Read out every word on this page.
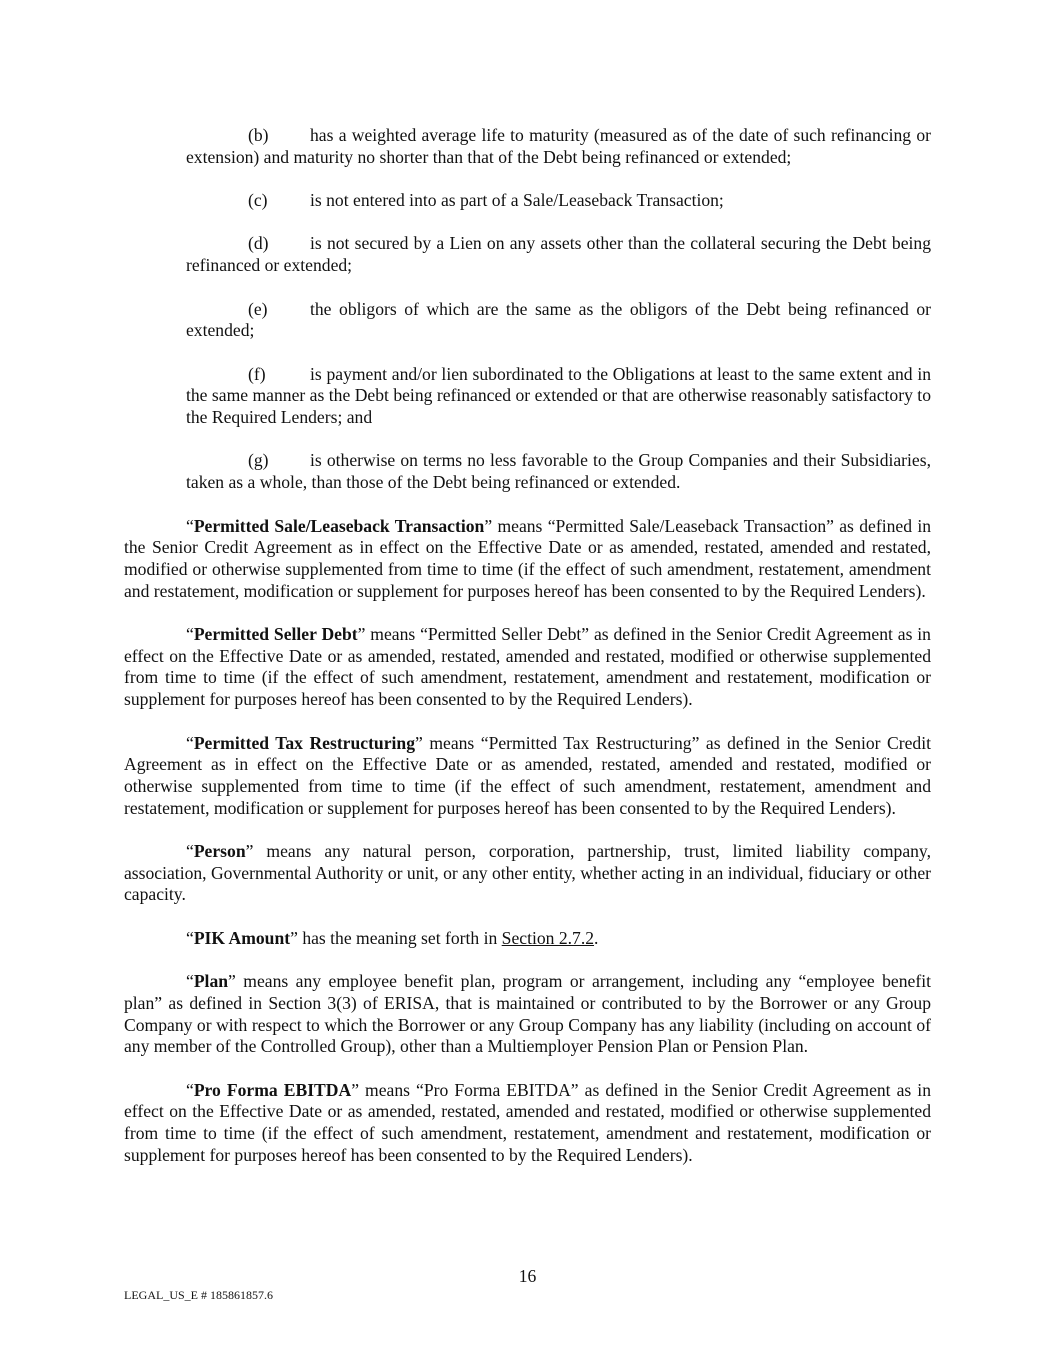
(b) has a weighted average life to maturity (measured as of the date of such refinancing or extension) and maturity no shorter than that of the Debt being refinanced or extended;

(c) is not entered into as part of a Sale/Leaseback Transaction;

(d) is not secured by a Lien on any assets other than the collateral securing the Debt being refinanced or extended;

(e) the obligors of which are the same as the obligors of the Debt being refinanced or extended;

(f)	is payment and/or lien subordinated to the Obligations at least to the same extent and in the same manner as the Debt being refinanced or extended or that are otherwise reasonably satisfactory to the Required Lenders; and

(g) is otherwise on terms no less favorable to the Group Companies and their Subsidiaries, taken as a whole, than those of the Debt being refinanced or extended.

“Permitted Sale/Leaseback Transaction” means “Permitted Sale/Leaseback Transaction” as defined in the Senior Credit Agreement as in effect on the Effective Date or as amended, restated, amended and restated, modified or otherwise supplemented from time to time (if the effect of such amendment, restatement, amendment and restatement, modification or supplement for purposes hereof has been consented to by the Required Lenders).

“Permitted Seller Debt” means “Permitted Seller Debt” as defined in the Senior Credit Agreement as in effect on the Effective Date or as amended, restated, amended and restated, modified or otherwise supplemented from time to time (if the effect of such amendment, restatement, amendment and restatement, modification or supplement for purposes hereof has been consented to by the Required Lenders).

“Permitted Tax Restructuring” means “Permitted Tax Restructuring” as defined in the Senior Credit Agreement as in effect on the Effective Date or as amended, restated, amended and restated, modified or otherwise supplemented from time to time (if the effect of such amendment, restatement, amendment and restatement, modification or supplement for purposes hereof has been consented to by the Required Lenders).

“Person” means any natural person, corporation, partnership, trust, limited liability company, association, Governmental Authority or unit, or any other entity, whether acting in an individual, fiduciary or other capacity.

“PIK Amount” has the meaning set forth in Section 2.7.2.

“Plan” means any employee benefit plan, program or arrangement, including any “employee benefit plan” as defined in Section 3(3) of ERISA, that is maintained or contributed to by the Borrower or any Group Company or with respect to which the Borrower or any Group Company has any liability (including on account of any member of the Controlled Group), other than a Multiemployer Pension Plan or Pension Plan.

“Pro Forma EBITDA” means “Pro Forma EBITDA” as defined in the Senior Credit Agreement as in effect on the Effective Date or as amended, restated, amended and restated, modified or otherwise supplemented from time to time (if the effect of such amendment, restatement, amendment and restatement, modification or supplement for purposes hereof has been consented to by the Required Lenders).

16
LEGAL_US_E # 185861857.6
